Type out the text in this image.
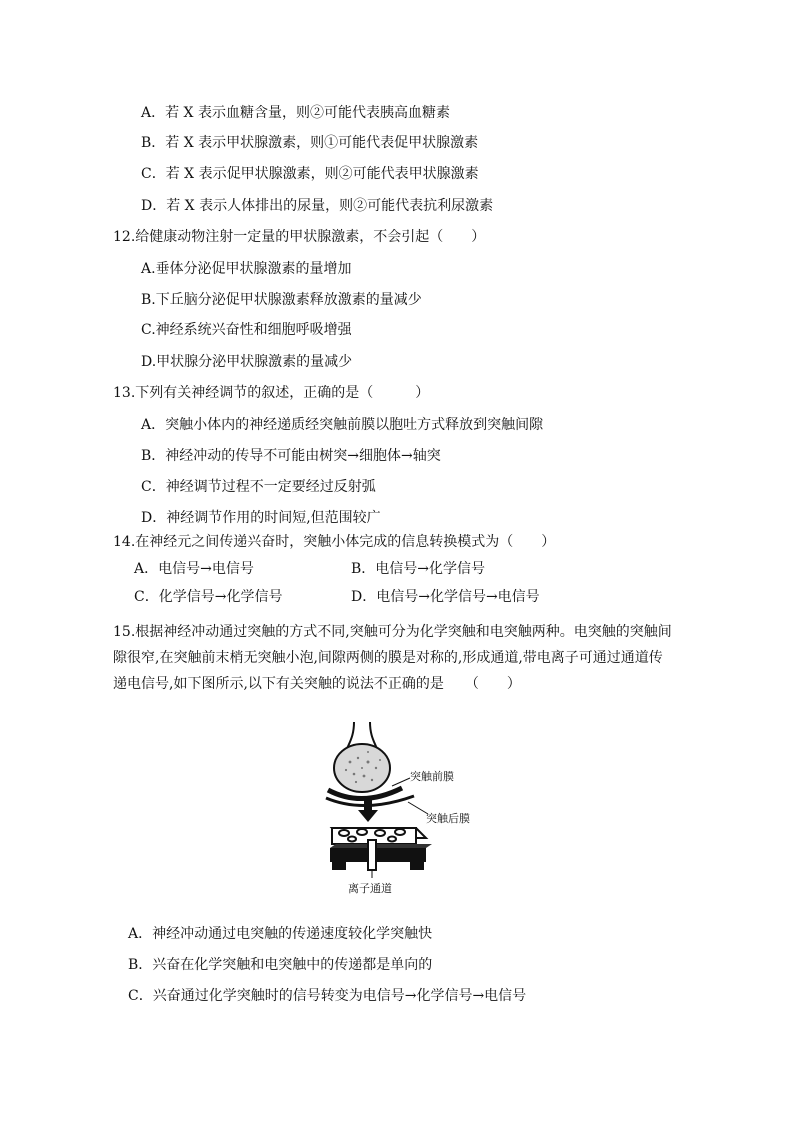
A．若 X 表示血糖含量，则②可能代表胰高血糖素
B．若 X 表示甲状腺激素，则①可能代表促甲状腺激素
C．若 X 表示促甲状腺激素，则②可能代表甲状腺激素
D．若 X 表示人体排出的尿量，则②可能代表抗利尿激素
12.给健康动物注射一定量的甲状腺激素，不会引起（　　）
A.垂体分泌促甲状腺激素的量增加
B.下丘脑分泌促甲状腺激素释放激素的量减少
C.神经系统兴奋性和细胞呼吸增强
D.甲状腺分泌甲状腺激素的量减少
13.下列有关神经调节的叙述，正确的是（　　　）
A．突触小体内的神经递质经突触前膜以胞吐方式释放到突触间隙
B．神经冲动的传导不可能由树突→细胞体→轴突
C．神经调节过程不一定要经过反射弧
D．神经调节作用的时间短,但范围较广
14.在神经元之间传递兴奋时，突触小体完成的信息转换模式为（　　）
A．电信号→电信号	B．电信号→化学信号
C．化学信号→化学信号	D．电信号→化学信号→电信号
15.根据神经冲动通过突触的方式不同,突触可分为化学突触和电突触两种。电突触的突触间隙很窄,在突触前末梢无突触小泡,间隙两侧的膜是对称的,形成通道,带电离子可通过通道传递电信号,如下图所示,以下有关突触的说法不正确的是　　（　　）
突触前膜
突触后膜
离子通道
A．神经冲动通过电突触的传递速度较化学突触快
B．兴奋在化学突触和电突触中的传递都是单向的
C．兴奋通过化学突触时的信号转变为电信号→化学信号→电信号
